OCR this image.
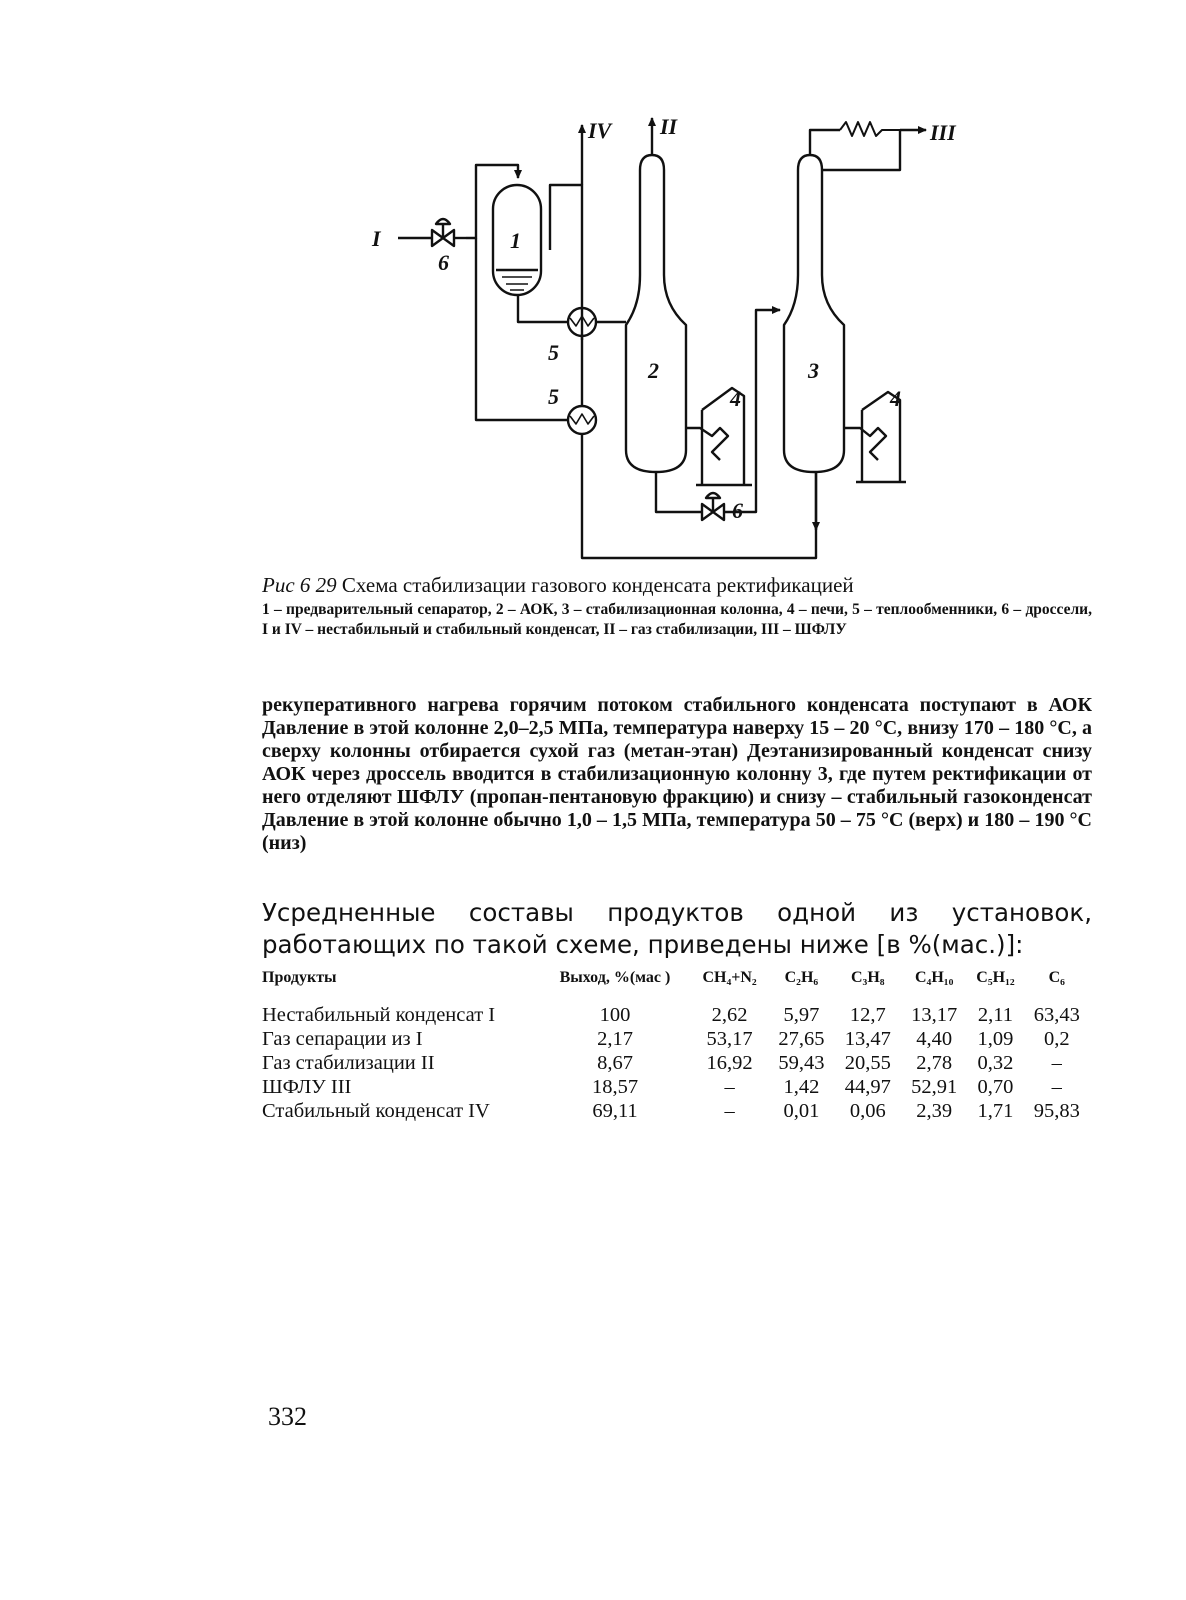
I
IV II	III
1
2	3
4	4
5
5
6
6
Рис 6 29 Схема стабилизации газового конденсата ректификацией
1 – предварительный сепаратор, 2 – АОК, 3 – стабилизационная колонна, 4 – печи, 5 – теплообменники, 6 – дроссели, I и IV – нестабильный и стабильный конденсат, II – газ стабилизации, III – ШФЛУ

рекуперативного нагрева горячим потоком стабильного конденсата поступают в АОК Давление в этой колонне 2,0–2,5 МПа, температура наверху 15 – 20 °С, внизу 170 – 180 °С, а сверху колонны отбирается сухой газ (метан-этан) Деэтанизированный конденсат снизу АОК через дроссель вводится в стабилизационную колонну 3, где путем ректификации от него отделяют ШФЛУ (пропан-пентановую фракцию) и снизу – стабильный газоконденсат Давление в этой колонне обычно 1,0 – 1,5 МПа, температура 50 – 75 °С (верх) и 180 – 190 °С (низ)

Усредненные составы продуктов одной из установок, работающих по такой схеме, приведены ниже [в %(мас.)]:

Продукты	Выход, %(мас )	CH₄+N₂	C₂H₆	C₃H₈	C₄H₁₀	C₅H₁₂	C₆
Нестабильный конденсат I	100	2,62	5,97	12,7	13,17	2,11	63,43
Газ сепарации из I	2,17	53,17	27,65	13,47	4,40	1,09	0,2
Газ стабилизации II	8,67	16,92	59,43	20,55	2,78	0,32	–
ШФЛУ III	18,57	–	1,42	44,97	52,91	0,70	–
Стабильный конденсат IV	69,11	–	0,01	0,06	2,39	1,71	95,83
332
